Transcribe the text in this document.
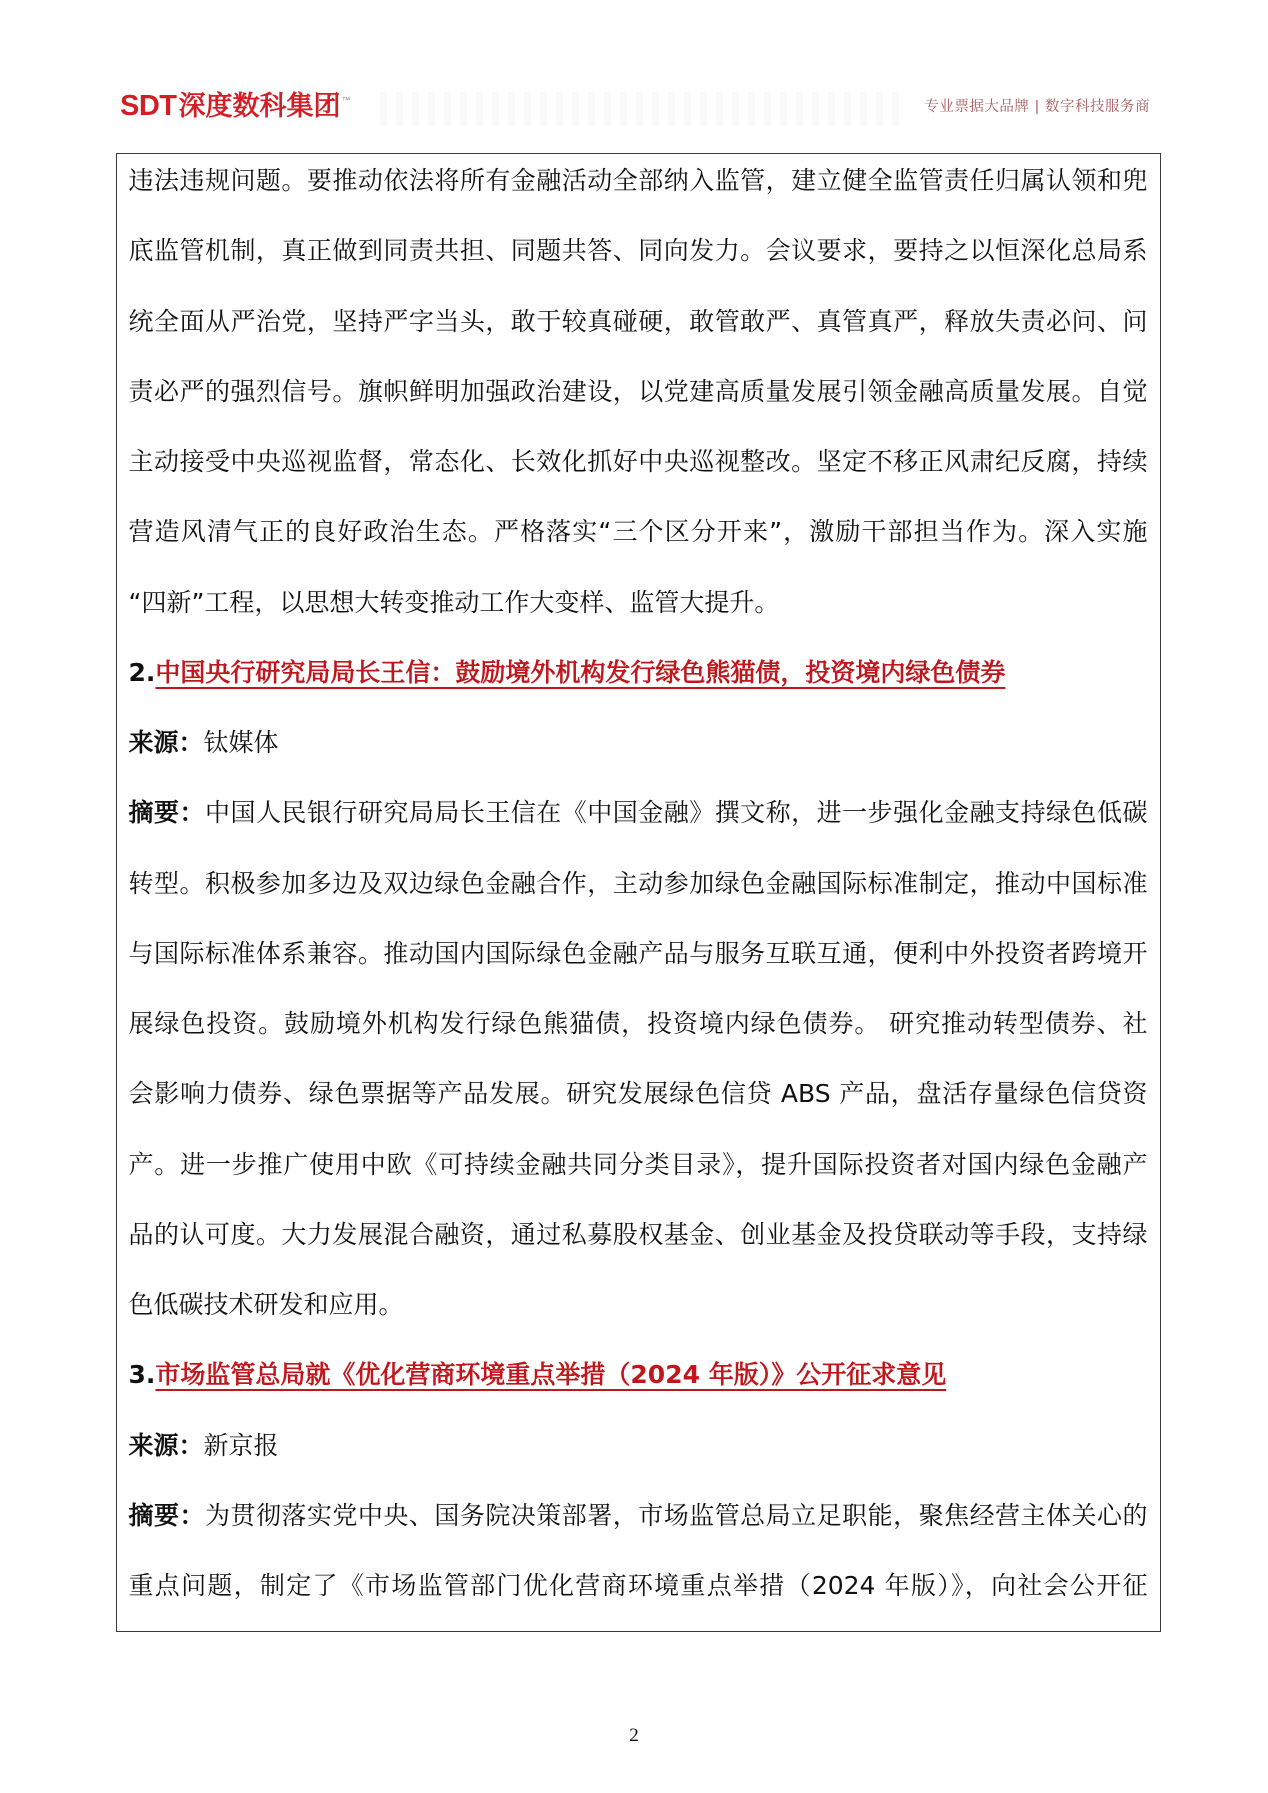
SDT深度数科集团™	专业票据大品牌 | 数字科技服务商
违法违规问题。要推动依法将所有金融活动全部纳入监管，建立健全监管责任归属认领和兜
底监管机制，真正做到同责共担、同题共答、同向发力。会议要求，要持之以恒深化总局系
统全面从严治党，坚持严字当头，敢于较真碰硬，敢管敢严、真管真严，释放失责必问、问
责必严的强烈信号。旗帜鲜明加强政治建设，以党建高质量发展引领金融高质量发展。自觉
主动接受中央巡视监督，常态化、长效化抓好中央巡视整改。坚定不移正风肃纪反腐，持续
营造风清气正的良好政治生态。严格落实“三个区分开来”，激励干部担当作为。深入实施
“四新”工程，以思想大转变推动工作大变样、监管大提升。
2.中国央行研究局局长王信：鼓励境外机构发行绿色熊猫债，投资境内绿色债券
来源：钛媒体
摘要：中国人民银行研究局局长王信在《中国金融》撰文称，进一步强化金融支持绿色低碳
转型。积极参加多边及双边绿色金融合作，主动参加绿色金融国际标准制定，推动中国标准
与国际标准体系兼容。推动国内国际绿色金融产品与服务互联互通，便利中外投资者跨境开
展绿色投资。鼓励境外机构发行绿色熊猫债，投资境内绿色债券。 研究推动转型债券、社
会影响力债券、绿色票据等产品发展。研究发展绿色信贷 ABS 产品，盘活存量绿色信贷资
产。进一步推广使用中欧《可持续金融共同分类目录》，提升国际投资者对国内绿色金融产
品的认可度。大力发展混合融资，通过私募股权基金、创业基金及投贷联动等手段，支持绿
色低碳技术研发和应用。
3.市场监管总局就《优化营商环境重点举措（2024 年版）》公开征求意见
来源：新京报
摘要：为贯彻落实党中央、国务院决策部署，市场监管总局立足职能，聚焦经营主体关心的
重点问题，制定了《市场监管部门优化营商环境重点举措（2024 年版）》，向社会公开征
2
